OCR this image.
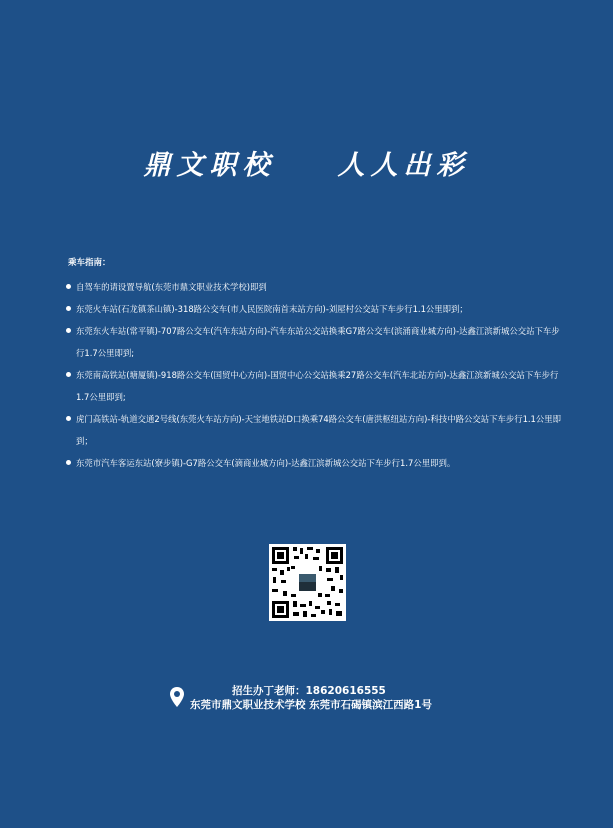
鼎文职校 人人出彩
乘车指南：
自驾车的请设置导航(东莞市鼎文职业技术学校)即到
东莞火车站(石龙镇茶山镇)-318路公交车(市人民医院南首末站方向)-刘屋村公交站下车步行1.1公里即到；
东莞东火车站(常平镇)-707路公交车(汽车东站方向)-汽车东站公交站换乘G7路公交车(滨涌商业城方向)-达鑫江滨新城公交站下车步行1.7公里即到;
东莞南高铁站(塘厦镇)-918路公交车(国贸中心方向)-国贸中心公交站换乘27路公交车(汽车北站方向)-达鑫江滨新城公交站下车步行1.7公里即到;
虎门高铁站-轨道交通2号线(东莞火车站方向)-天宝地铁站D口换乘74路公交车(唐洪枢纽站方向)-科技中路公交站下车步行1.1公里即到；
东莞市汽车客运东站(寮步镇)-G7路公交车(滴商业城方向)-达鑫江滨新城公交站下车步行1.7公里即到。
招生办丁老师：18620616555
东莞市鼎文职业技术学校 东莞市石碣镇滨江西路1号
